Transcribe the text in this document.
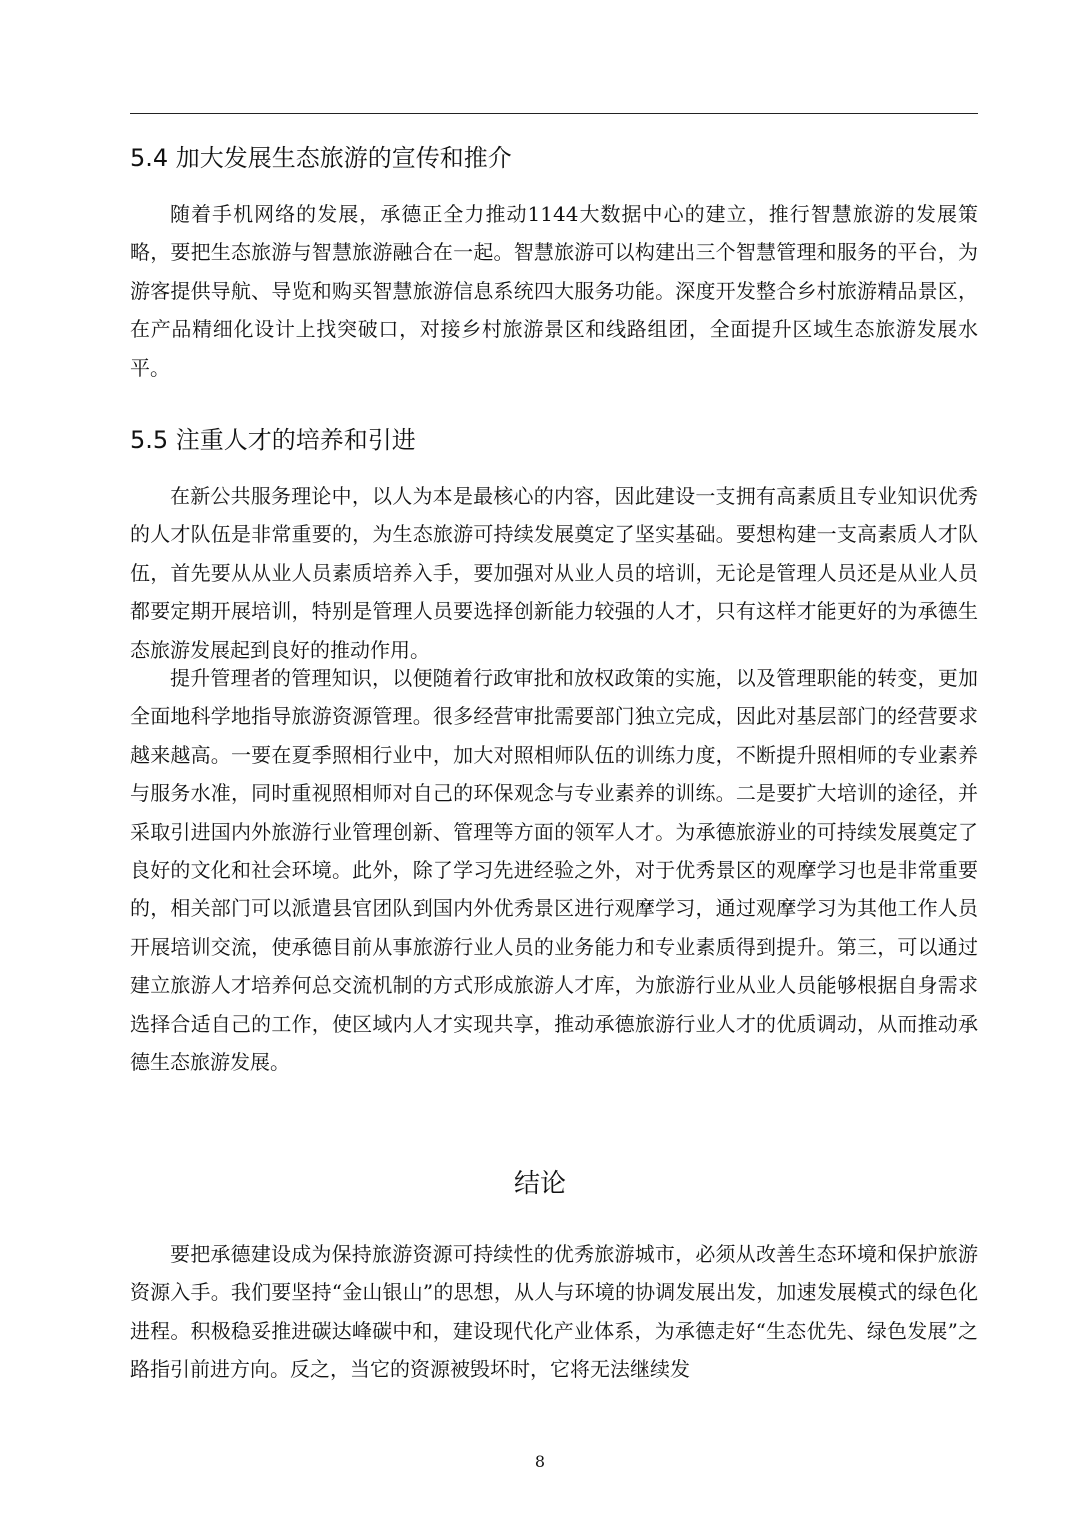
5.4 加大发展生态旅游的宣传和推介

随着手机网络的发展，承德正全力推动1144大数据中心的建立，推行智慧旅游的发展策略，要把生态旅游与智慧旅游融合在一起。智慧旅游可以构建出三个智慧管理和服务的平台，为游客提供导航、导览和购买智慧旅游信息系统四大服务功能。深度开发整合乡村旅游精品景区，在产品精细化设计上找突破口，对接乡村旅游景区和线路组团，全面提升区域生态旅游发展水平。

5.5 注重人才的培养和引进

在新公共服务理论中，以人为本是最核心的内容，因此建设一支拥有高素质且专业知识优秀的人才队伍是非常重要的，为生态旅游可持续发展奠定了坚实基础。要想构建一支高素质人才队伍，首先要从从业人员素质培养入手，要加强对从业人员的培训，无论是管理人员还是从业人员都要定期开展培训，特别是管理人员要选择创新能力较强的人才，只有这样才能更好的为承德生态旅游发展起到良好的推动作用。

提升管理者的管理知识，以便随着行政审批和放权政策的实施，以及管理职能的转变，更加全面地科学地指导旅游资源管理。很多经营审批需要部门独立完成，因此对基层部门的经营要求越来越高。一要在夏季照相行业中，加大对照相师队伍的训练力度，不断提升照相师的专业素养与服务水准，同时重视照相师对自己的环保观念与专业素养的训练。二是要扩大培训的途径，并采取引进国内外旅游行业管理创新、管理等方面的领军人才。为承德旅游业的可持续发展奠定了良好的文化和社会环境。此外，除了学习先进经验之外，对于优秀景区的观摩学习也是非常重要的，相关部门可以派遣县官团队到国内外优秀景区进行观摩学习，通过观摩学习为其他工作人员开展培训交流，使承德目前从事旅游行业人员的业务能力和专业素质得到提升。第三，可以通过建立旅游人才培养何总交流机制的方式形成旅游人才库，为旅游行业从业人员能够根据自身需求选择合适自己的工作，使区域内人才实现共享，推动承德旅游行业人才的优质调动，从而推动承德生态旅游发展。

结论

要把承德建设成为保持旅游资源可持续性的优秀旅游城市，必须从改善生态环境和保护旅游资源入手。我们要坚持“金山银山”的思想，从人与环境的协调发展出发，加速发展模式的绿色化进程。积极稳妥推进碳达峰碳中和，建设现代化产业体系，为承德走好“生态优先、绿色发展”之路指引前进方向。反之，当它的资源被毁坏时，它将无法继续发

8
